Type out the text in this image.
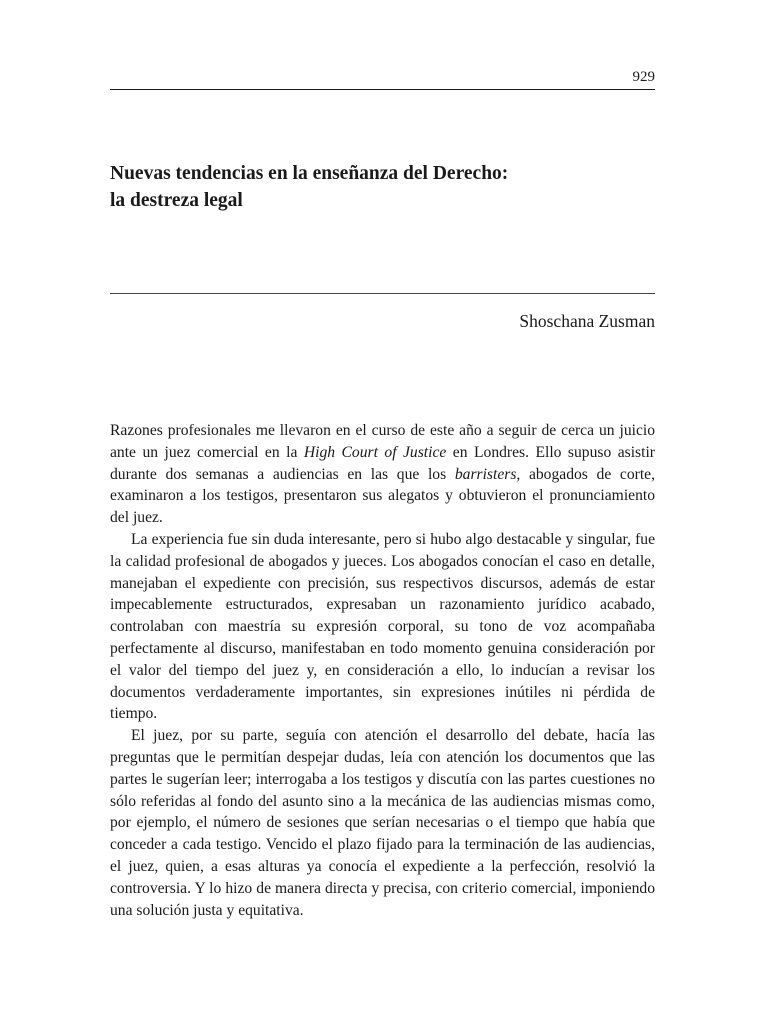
929
Nuevas tendencias en la enseñanza del Derecho:
la destreza legal
Shoschana Zusman

Razones profesionales me llevaron en el curso de este año a seguir de cerca un juicio ante un juez comercial en la High Court of Justice en Londres. Ello supuso asistir durante dos semanas a audiencias en las que los barristers, abogados de corte, examinaron a los testigos, presentaron sus alegatos y obtuvieron el pronunciamiento del juez.

La experiencia fue sin duda interesante, pero si hubo algo destacable y singular, fue la calidad profesional de abogados y jueces. Los abogados conocían el caso en detalle, manejaban el expediente con precisión, sus respectivos discursos, además de estar impecablemente estructurados, expresaban un razonamiento jurídico acabado, controlaban con maestría su expresión corporal, su tono de voz acompañaba perfectamente al discurso, manifestaban en todo momento genuina consideración por el valor del tiempo del juez y, en consideración a ello, lo inducían a revisar los documentos verdaderamente importantes, sin expresiones inútiles ni pérdida de tiempo.

El juez, por su parte, seguía con atención el desarrollo del debate, hacía las preguntas que le permitían despejar dudas, leía con atención los documentos que las partes le sugerían leer; interrogaba a los testigos y discutía con las partes cuestiones no sólo referidas al fondo del asunto sino a la mecánica de las audiencias mismas como, por ejemplo, el número de sesiones que serían necesarias o el tiempo que había que conceder a cada testigo. Vencido el plazo fijado para la terminación de las audiencias, el juez, quien, a esas alturas ya conocía el expediente a la perfección, resolvió la controversia. Y lo hizo de manera directa y precisa, con criterio comercial, imponiendo una solución justa y equitativa.
